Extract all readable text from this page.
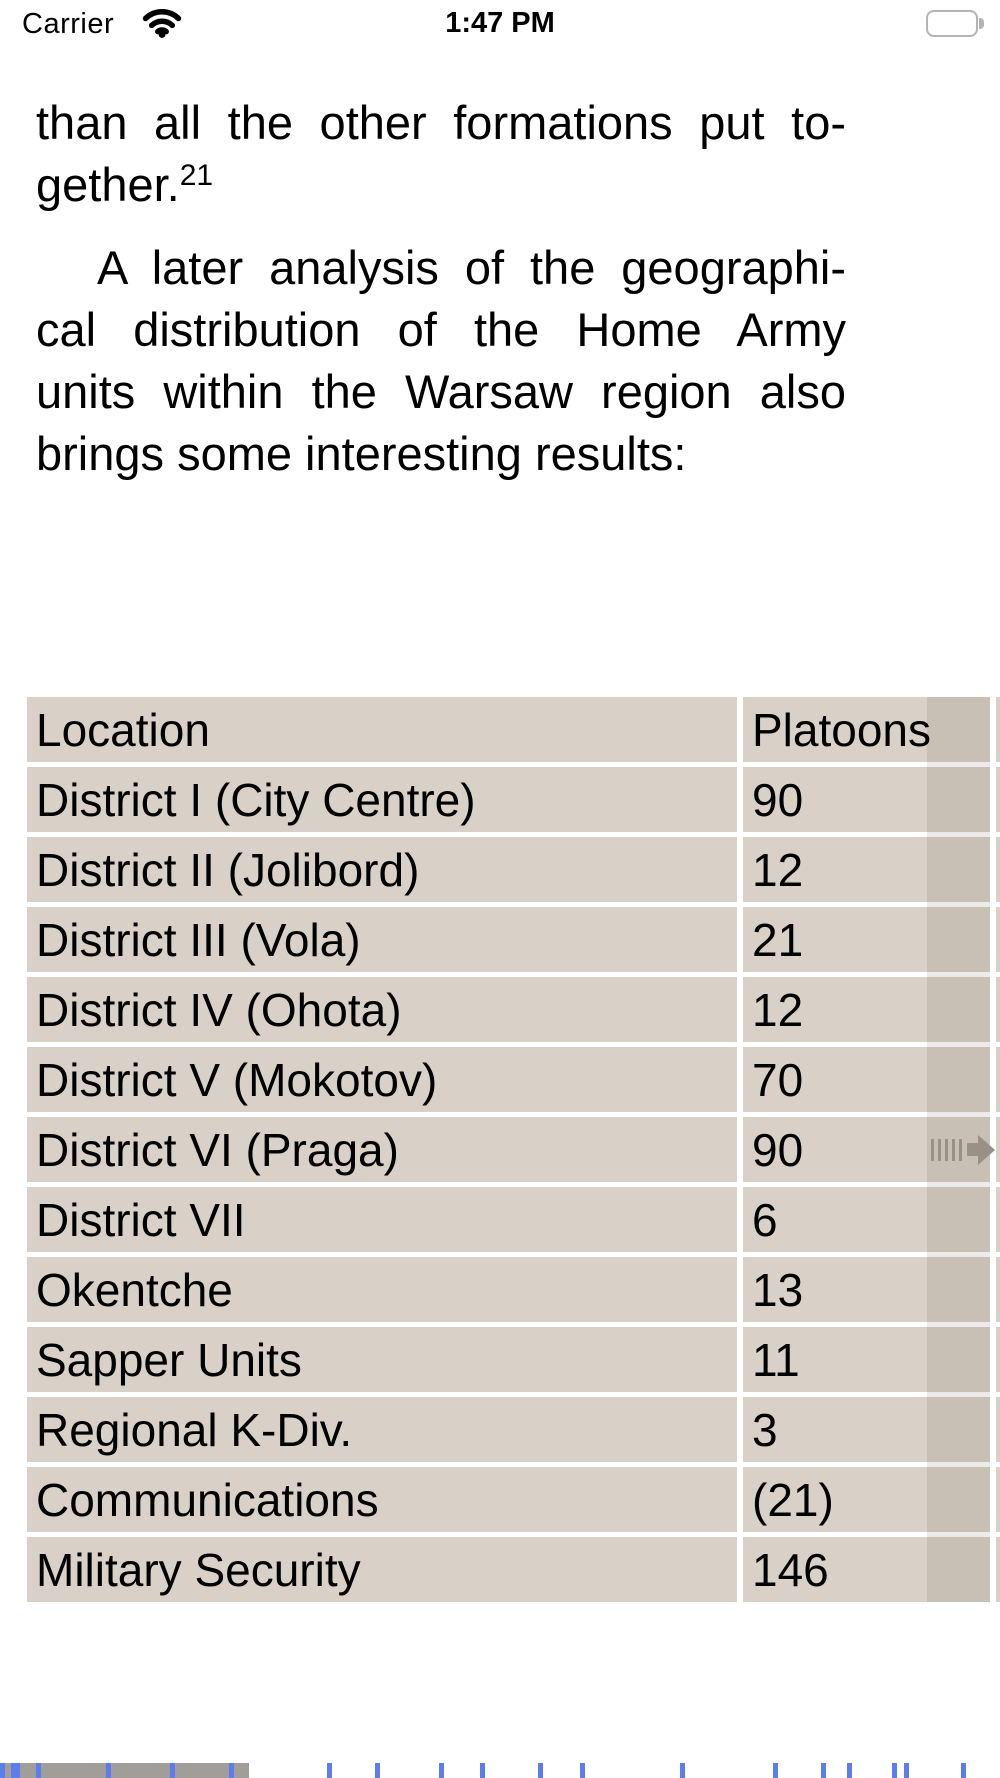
Carrier	1:47 PM
than all the other formations put to-
gether.$^{21}$
A later analysis of the geographi-
cal distribution of the Home Army
units within the Warsaw region also
brings some interesting results:
Location	Platoons
District I (City Centre)	90
District II (Jolibord)	12
District III (Vola)	21
District IV (Ohota)	12
District V (Mokotov)	70
District VI (Praga)	90
District VII	6
Okentche	13
Sapper Units	11
Regional K-Div.	3
Communications	(21)
Military Security	146
